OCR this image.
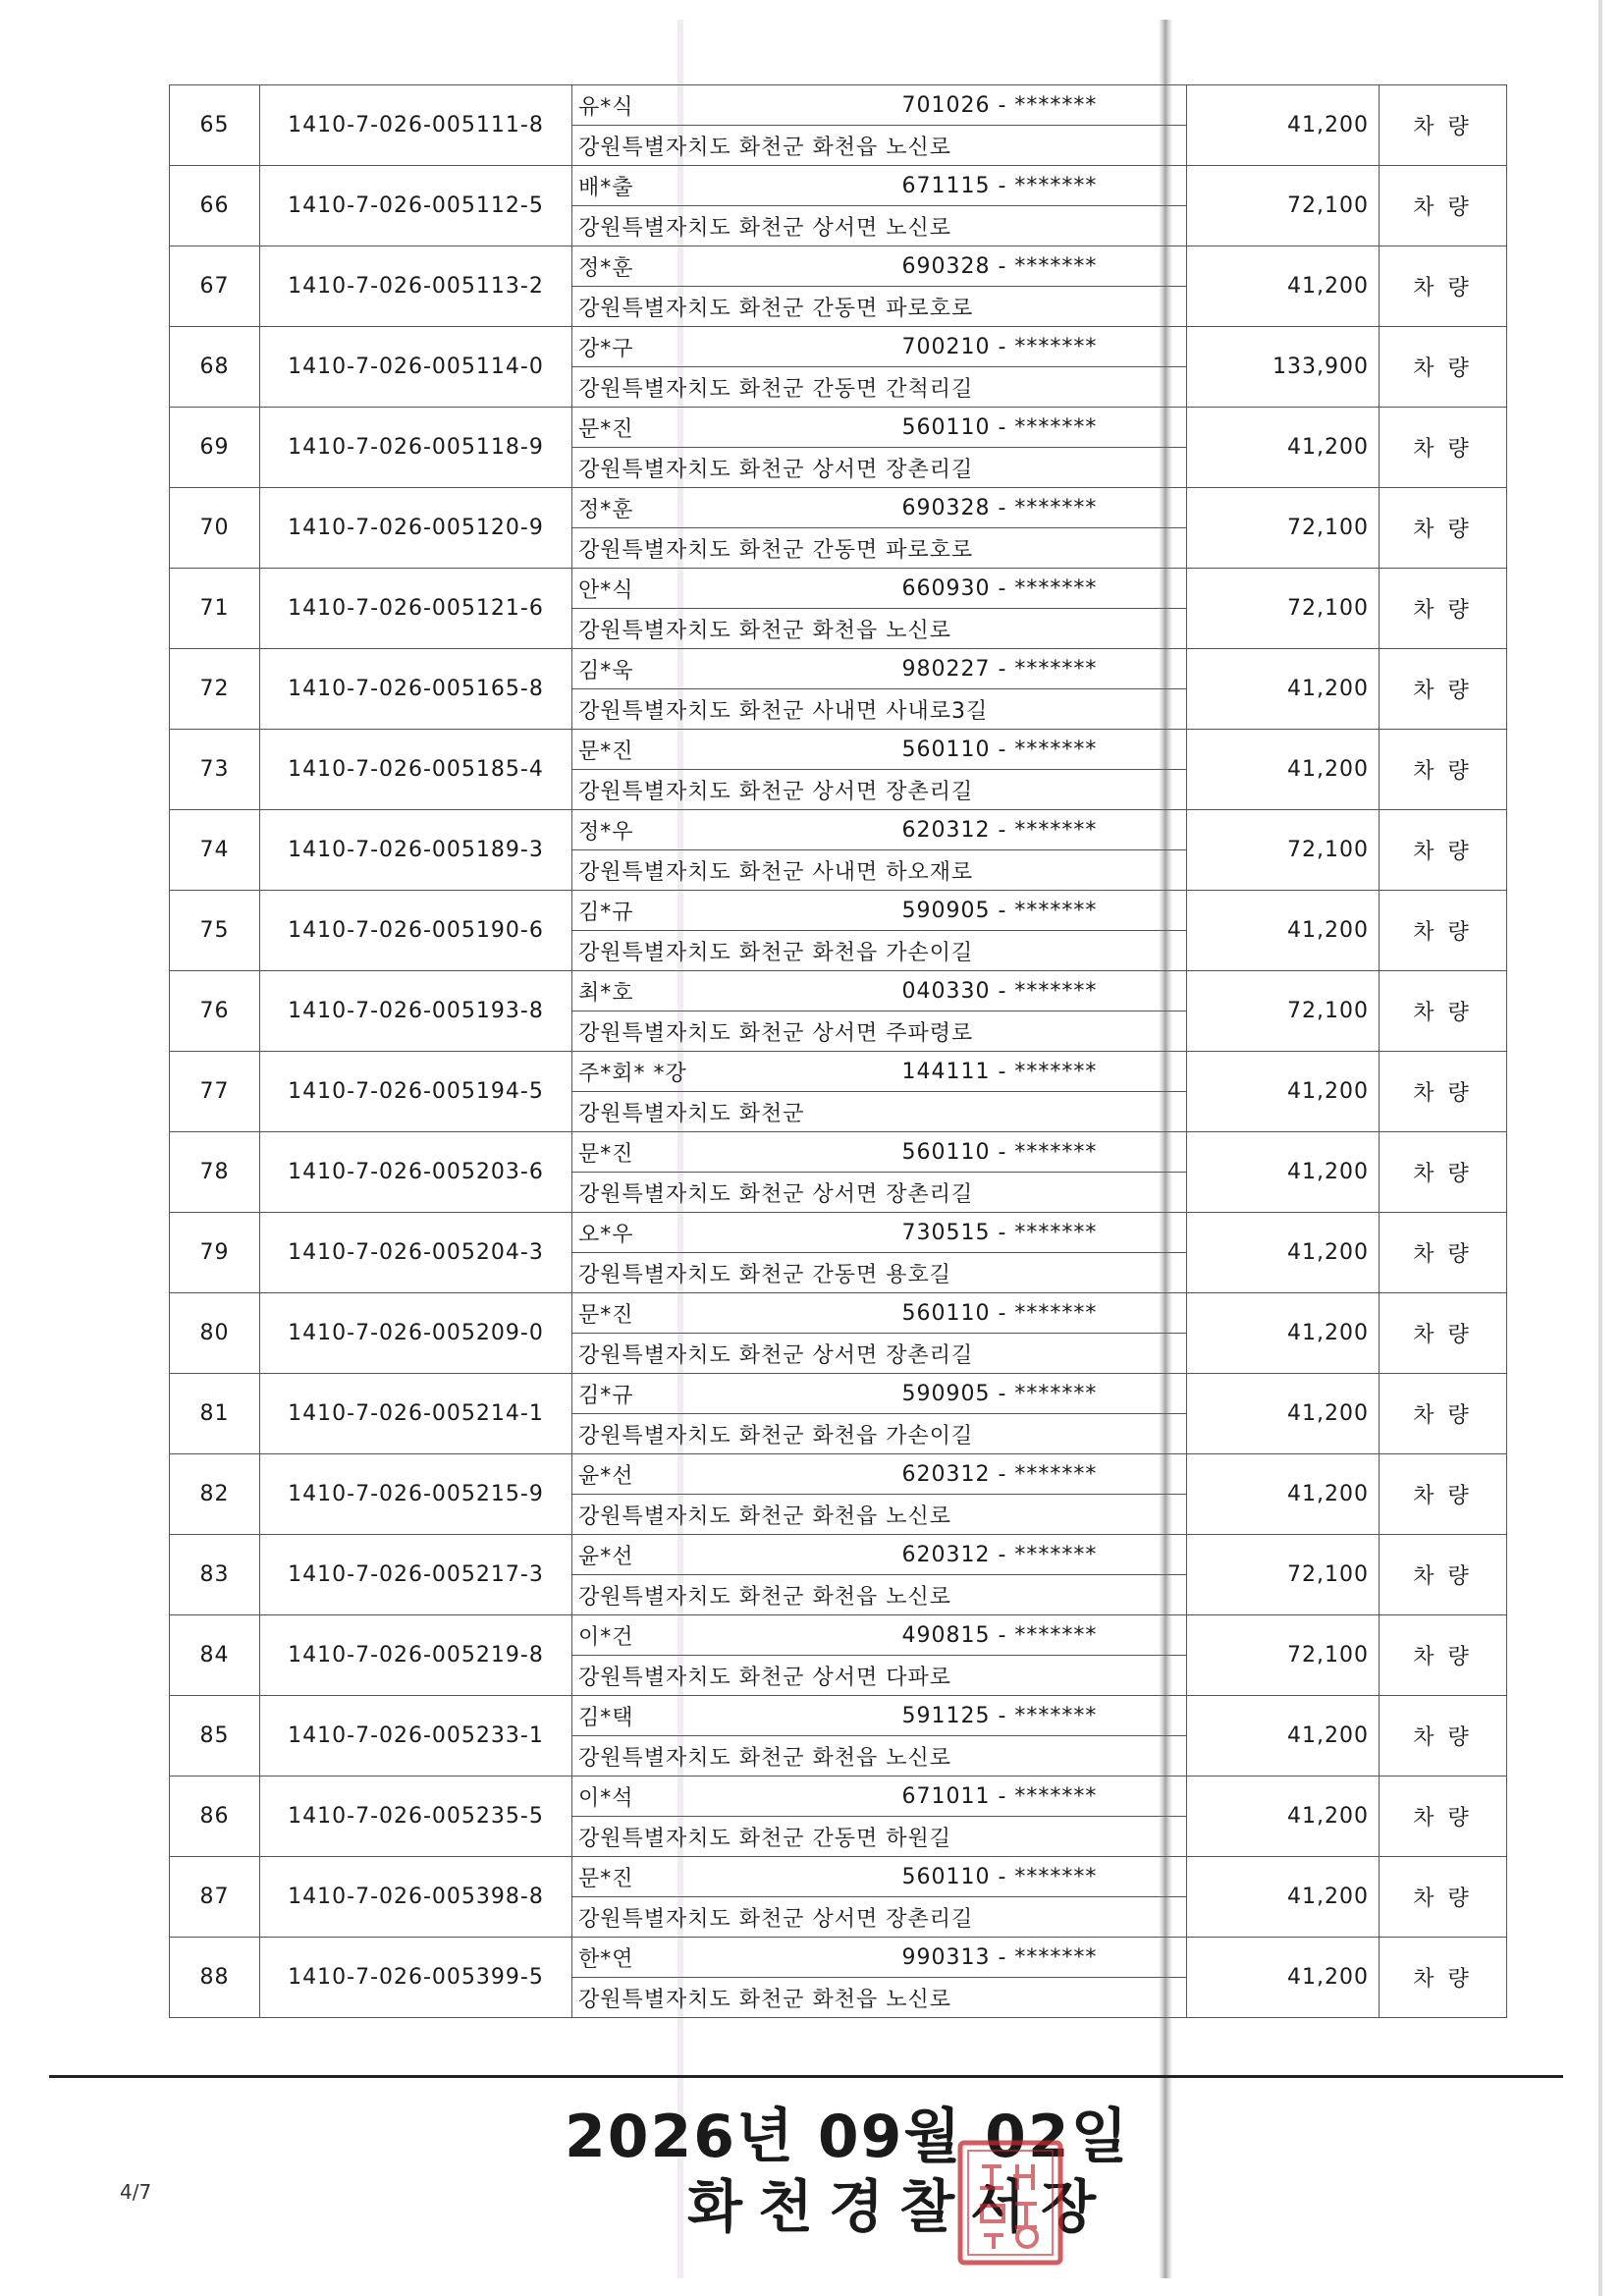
65	1410-7-026-005111-8	유*식	701026 - *******	41,200	차량
		강원특별자치도 화천군 화천읍 노신로			
66	1410-7-026-005112-5	배*출	671115 - *******	72,100	차량
		강원특별자치도 화천군 상서면 노신로			
67	1410-7-026-005113-2	정*훈	690328 - *******	41,200	차량
		강원특별자치도 화천군 간동면 파로호로			
68	1410-7-026-005114-0	강*구	700210 - *******	133,900	차량
		강원특별자치도 화천군 간동면 간척리길			
69	1410-7-026-005118-9	문*진	560110 - *******	41,200	차량
		강원특별자치도 화천군 상서면 장촌리길			
70	1410-7-026-005120-9	정*훈	690328 - *******	72,100	차량
		강원특별자치도 화천군 간동면 파로호로			
71	1410-7-026-005121-6	안*식	660930 - *******	72,100	차량
		강원특별자치도 화천군 화천읍 노신로			
72	1410-7-026-005165-8	김*욱	980227 - *******	41,200	차량
		강원특별자치도 화천군 사내면 사내로3길			
73	1410-7-026-005185-4	문*진	560110 - *******	41,200	차량
		강원특별자치도 화천군 상서면 장촌리길			
74	1410-7-026-005189-3	정*우	620312 - *******	72,100	차량
		강원특별자치도 화천군 사내면 하오재로			
75	1410-7-026-005190-6	김*규	590905 - *******	41,200	차량
		강원특별자치도 화천군 화천읍 가손이길			
76	1410-7-026-005193-8	최*호	040330 - *******	72,100	차량
		강원특별자치도 화천군 상서면 주파령로			
77	1410-7-026-005194-5	주*회* *강	144111 - *******	41,200	차량
		강원특별자치도 화천군			
78	1410-7-026-005203-6	문*진	560110 - *******	41,200	차량
		강원특별자치도 화천군 상서면 장촌리길			
79	1410-7-026-005204-3	오*우	730515 - *******	41,200	차량
		강원특별자치도 화천군 간동면 용호길			
80	1410-7-026-005209-0	문*진	560110 - *******	41,200	차량
		강원특별자치도 화천군 상서면 장촌리길			
81	1410-7-026-005214-1	김*규	590905 - *******	41,200	차량
		강원특별자치도 화천군 화천읍 가손이길			
82	1410-7-026-005215-9	윤*선	620312 - *******	41,200	차량
		강원특별자치도 화천군 화천읍 노신로			
83	1410-7-026-005217-3	윤*선	620312 - *******	72,100	차량
		강원특별자치도 화천군 화천읍 노신로			
84	1410-7-026-005219-8	이*건	490815 - *******	72,100	차량
		강원특별자치도 화천군 상서면 다파로			
85	1410-7-026-005233-1	김*택	591125 - *******	41,200	차량
		강원특별자치도 화천군 화천읍 노신로			
86	1410-7-026-005235-5	이*석	671011 - *******	41,200	차량
		강원특별자치도 화천군 간동면 하원길			
87	1410-7-026-005398-8	문*진	560110 - *******	41,200	차량
		강원특별자치도 화천군 상서면 장촌리길			
88	1410-7-026-005399-5	한*연	990313 - *******	41,200	차량
		강원특별자치도 화천군 화천읍 노신로			
2026년 09월 02일
화천경찰서장
4/7
